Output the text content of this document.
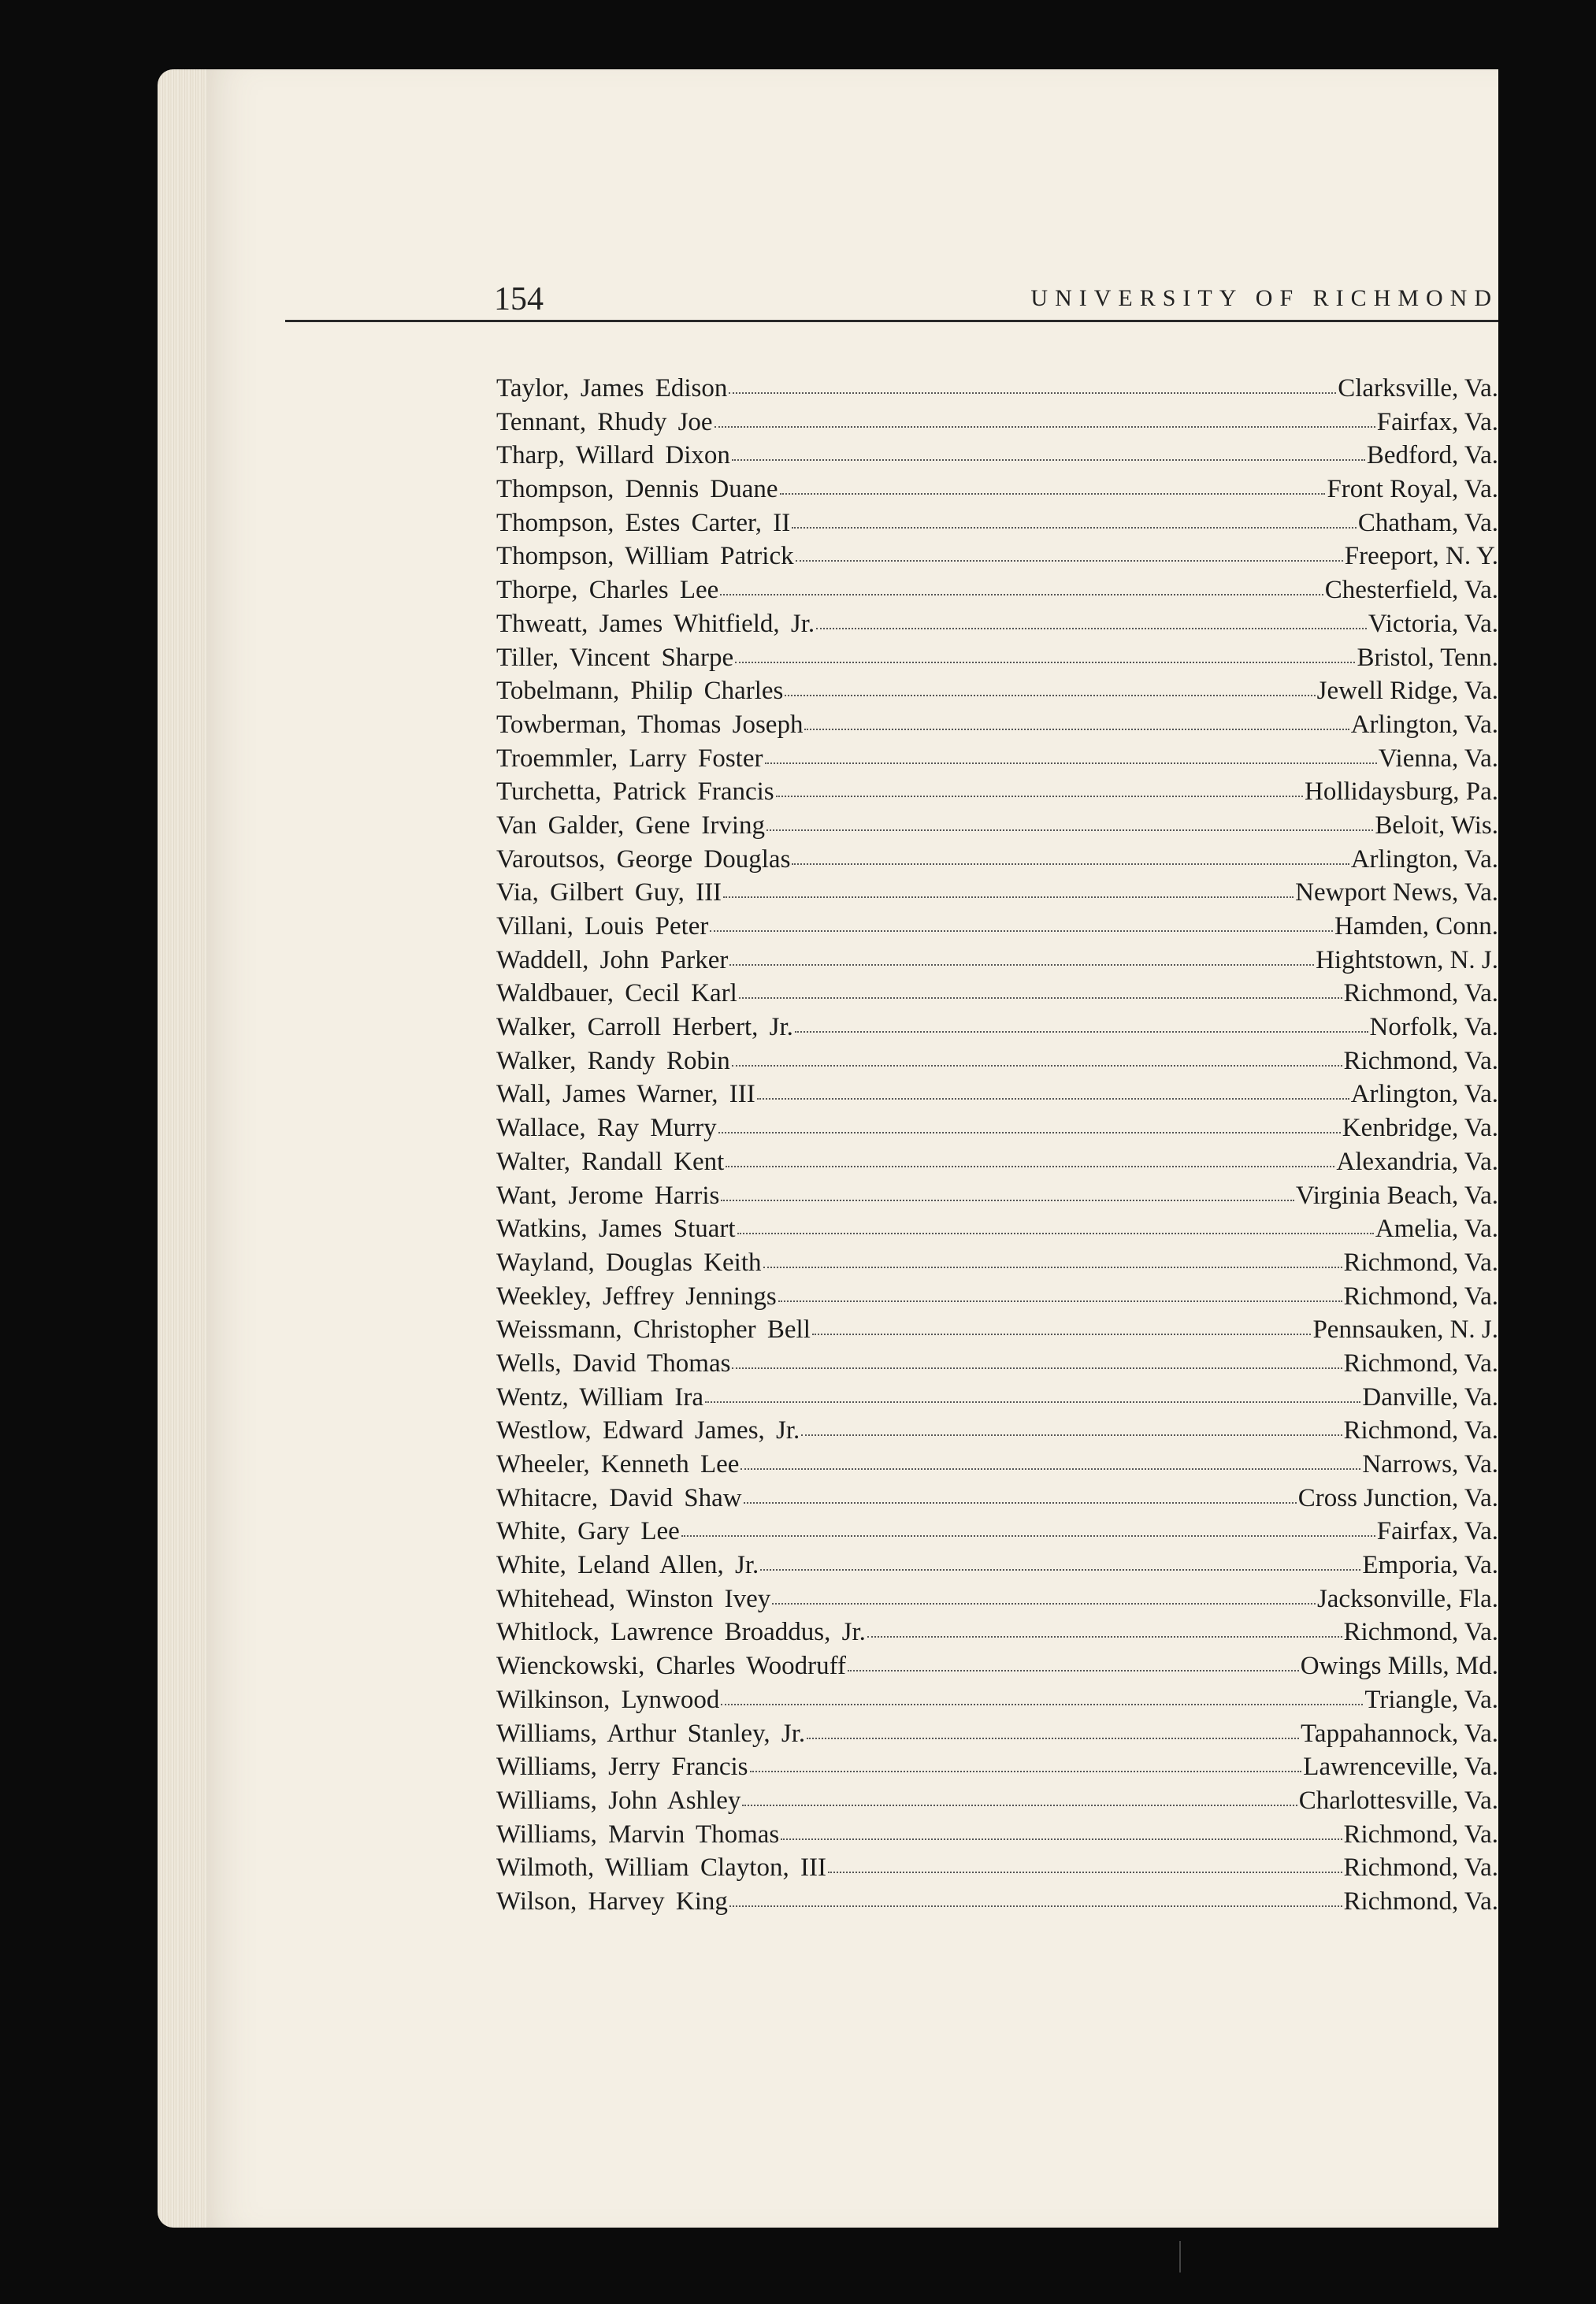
154	UNIVERSITY OF RICHMOND
Taylor, James Edison	Clarksville, Va.
Tennant, Rhudy Joe	Fairfax, Va.
Tharp, Willard Dixon	Bedford, Va.
Thompson, Dennis Duane	Front Royal, Va.
Thompson, Estes Carter, II	Chatham, Va.
Thompson, William Patrick	Freeport, N. Y.
Thorpe, Charles Lee	Chesterfield, Va.
Thweatt, James Whitfield, Jr.	Victoria, Va.
Tiller, Vincent Sharpe	Bristol, Tenn.
Tobelmann, Philip Charles	Jewell Ridge, Va.
Towberman, Thomas Joseph	Arlington, Va.
Troemmler, Larry Foster	Vienna, Va.
Turchetta, Patrick Francis	Hollidaysburg, Pa.
Van Galder, Gene Irving	Beloit, Wis.
Varoutsos, George Douglas	Arlington, Va.
Via, Gilbert Guy, III	Newport News, Va.
Villani, Louis Peter	Hamden, Conn.
Waddell, John Parker	Hightstown, N. J.
Waldbauer, Cecil Karl	Richmond, Va.
Walker, Carroll Herbert, Jr.	Norfolk, Va.
Walker, Randy Robin	Richmond, Va.
Wall, James Warner, III	Arlington, Va.
Wallace, Ray Murry	Kenbridge, Va.
Walter, Randall Kent	Alexandria, Va.
Want, Jerome Harris	Virginia Beach, Va.
Watkins, James Stuart	Amelia, Va.
Wayland, Douglas Keith	Richmond, Va.
Weekley, Jeffrey Jennings	Richmond, Va.
Weissmann, Christopher Bell	Pennsauken, N. J.
Wells, David Thomas	Richmond, Va.
Wentz, William Ira	Danville, Va.
Westlow, Edward James, Jr.	Richmond, Va.
Wheeler, Kenneth Lee	Narrows, Va.
Whitacre, David Shaw	Cross Junction, Va.
White, Gary Lee	Fairfax, Va.
White, Leland Allen, Jr.	Emporia, Va.
Whitehead, Winston Ivey	Jacksonville, Fla.
Whitlock, Lawrence Broaddus, Jr.	Richmond, Va.
Wienckowski, Charles Woodruff	Owings Mills, Md.
Wilkinson, Lynwood	Triangle, Va.
Williams, Arthur Stanley, Jr.	Tappahannock, Va.
Williams, Jerry Francis	Lawrenceville, Va.
Williams, John Ashley	Charlottesville, Va.
Williams, Marvin Thomas	Richmond, Va.
Wilmoth, William Clayton, III	Richmond, Va.
Wilson, Harvey King	Richmond, Va.
